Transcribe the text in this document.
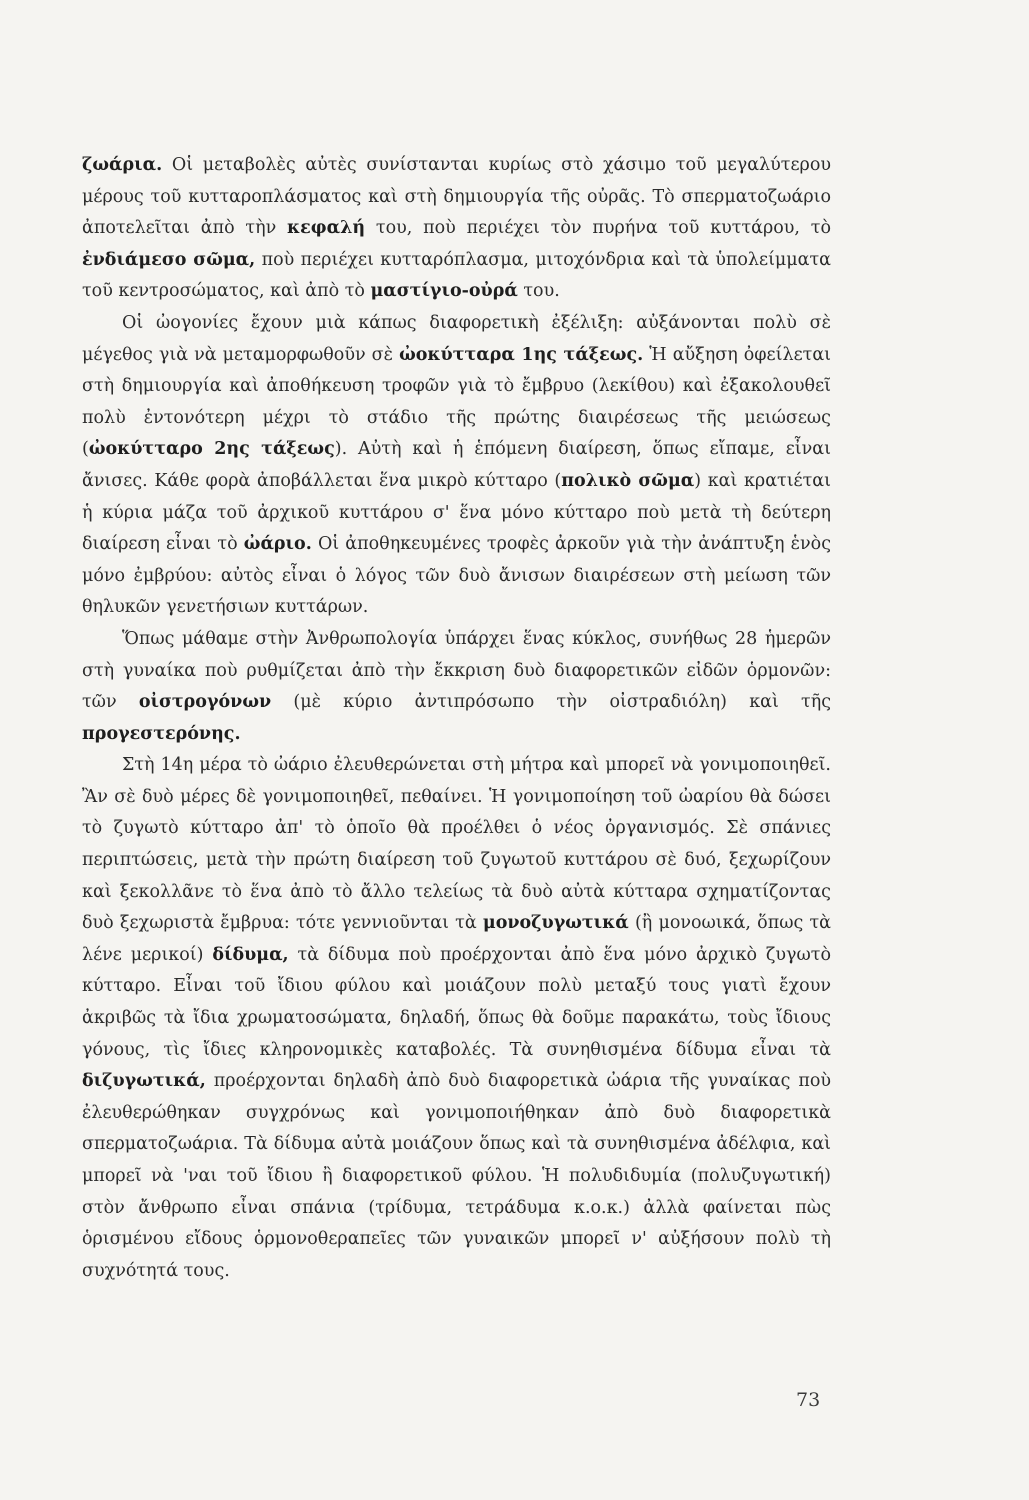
ζωάρια. Οἱ μεταβολὲς αὐτὲς συνίστανται κυρίως στὸ χάσιμο τοῦ μεγαλύτερου μέρους τοῦ κυτταροπλάσματος καὶ στὴ δημιουργία τῆς οὐρᾶς. Τὸ σπερματοζωάριο ἀποτελεῖται ἀπὸ τὴν κεφαλή του, ποὺ περιέχει τὸν πυρήνα τοῦ κυττάρου, τὸ ἐνδιάμεσο σῶμα, ποὺ περιέχει κυτταρόπλασμα, μιτοχόνδρια καὶ τὰ ὑπολείμματα τοῦ κεντροσώματος, καὶ ἀπὸ τὸ μαστίγιο-οὐρά του.

Οἱ ὠογονίες ἔχουν μιὰ κάπως διαφορετικὴ ἐξέλιξη: αὐξάνονται πολὺ σὲ μέγεθος γιὰ νὰ μεταμορφωθοῦν σὲ ὠοκύτταρα 1ης τάξεως. Ἡ αὔξηση ὀφείλεται στὴ δημιουργία καὶ ἀποθήκευση τροφῶν γιὰ τὸ ἔμβρυο (λεκίθου) καὶ ἐξακολουθεῖ πολὺ ἐντονότερη μέχρι τὸ στάδιο τῆς πρώτης διαιρέσεως τῆς μειώσεως (ὠοκύτταρο 2ης τάξεως). Αὐτὴ καὶ ἡ ἑπόμενη διαίρεση, ὅπως εἴπαμε, εἶναι ἄνισες. Κάθε φορὰ ἀποβάλλεται ἕνα μικρὸ κύτταρο (πολικὸ σῶμα) καὶ κρατιέται ἡ κύρια μάζα τοῦ ἀρχικοῦ κυττάρου σ' ἕνα μόνο κύτταρο ποὺ μετὰ τὴ δεύτερη διαίρεση εἶναι τὸ ὠάριο. Οἱ ἀποθηκευμένες τροφὲς ἀρκοῦν γιὰ τὴν ἀνάπτυξη ἑνὸς μόνο ἐμβρύου: αὐτὸς εἶναι ὁ λόγος τῶν δυὸ ἄνισων διαιρέσεων στὴ μείωση τῶν θηλυκῶν γενετήσιων κυττάρων.

Ὅπως μάθαμε στὴν Ἀνθρωπολογία ὑπάρχει ἕνας κύκλος, συνήθως 28 ἡμερῶν στὴ γυναίκα ποὺ ρυθμίζεται ἀπὸ τὴν ἔκκριση δυὸ διαφορετικῶν εἰδῶν ὁρμονῶν: τῶν οἰστρογόνων (μὲ κύριο ἀντιπρόσωπο τὴν οἰστραδιόλη) καὶ τῆς προγεστερόνης.

Στὴ 14η μέρα τὸ ὠάριο ἐλευθερώνεται στὴ μήτρα καὶ μπορεῖ νὰ γονιμοποιηθεῖ. Ἂν σὲ δυὸ μέρες δὲ γονιμοποιηθεῖ, πεθαίνει. Ἡ γονιμοποίηση τοῦ ὠαρίου θὰ δώσει τὸ ζυγωτὸ κύτταρο ἀπ' τὸ ὁποῖο θὰ προέλθει ὁ νέος ὀργανισμός. Σὲ σπάνιες περιπτώσεις, μετὰ τὴν πρώτη διαίρεση τοῦ ζυγωτοῦ κυττάρου σὲ δυό, ξεχωρίζουν καὶ ξεκολλᾶνε τὸ ἕνα ἀπὸ τὸ ἄλλο τελείως τὰ δυὸ αὐτὰ κύτταρα σχηματίζοντας δυὸ ξεχωριστὰ ἔμβρυα: τότε γεννιοῦνται τὰ μονοζυγωτικά (ἢ μονοωικά, ὅπως τὰ λένε μερικοί) δίδυμα, τὰ δίδυμα ποὺ προέρχονται ἀπὸ ἕνα μόνο ἀρχικὸ ζυγωτὸ κύτταρο. Εἶναι τοῦ ἴδιου φύλου καὶ μοιάζουν πολὺ μεταξύ τους γιατὶ ἔχουν ἀκριβῶς τὰ ἴδια χρωματοσώματα, δηλαδή, ὅπως θὰ δοῦμε παρακάτω, τοὺς ἴδιους γόνους, τὶς ἴδιες κληρονομικὲς καταβολές. Τὰ συνηθισμένα δίδυμα εἶναι τὰ διζυγωτικά, προέρχονται δηλαδὴ ἀπὸ δυὸ διαφορετικὰ ὠάρια τῆς γυναίκας ποὺ ἐλευθερώθηκαν συγχρόνως καὶ γονιμοποιήθηκαν ἀπὸ δυὸ διαφορετικὰ σπερματοζωάρια. Τὰ δίδυμα αὐτὰ μοιάζουν ὅπως καὶ τὰ συνηθισμένα ἀδέλφια, καὶ μπορεῖ νὰ 'ναι τοῦ ἴδιου ἢ διαφορετικοῦ φύλου. Ἡ πολυδιδυμία (πολυζυγωτική) στὸν ἄνθρωπο εἶναι σπάνια (τρίδυμα, τετράδυμα κ.ο.κ.) ἀλλὰ φαίνεται πὼς ὁρισμένου εἴδους ὁρμονοθεραπεῖες τῶν γυναικῶν μπορεῖ ν' αὐξήσουν πολὺ τὴ συχνότητά τους.

73
